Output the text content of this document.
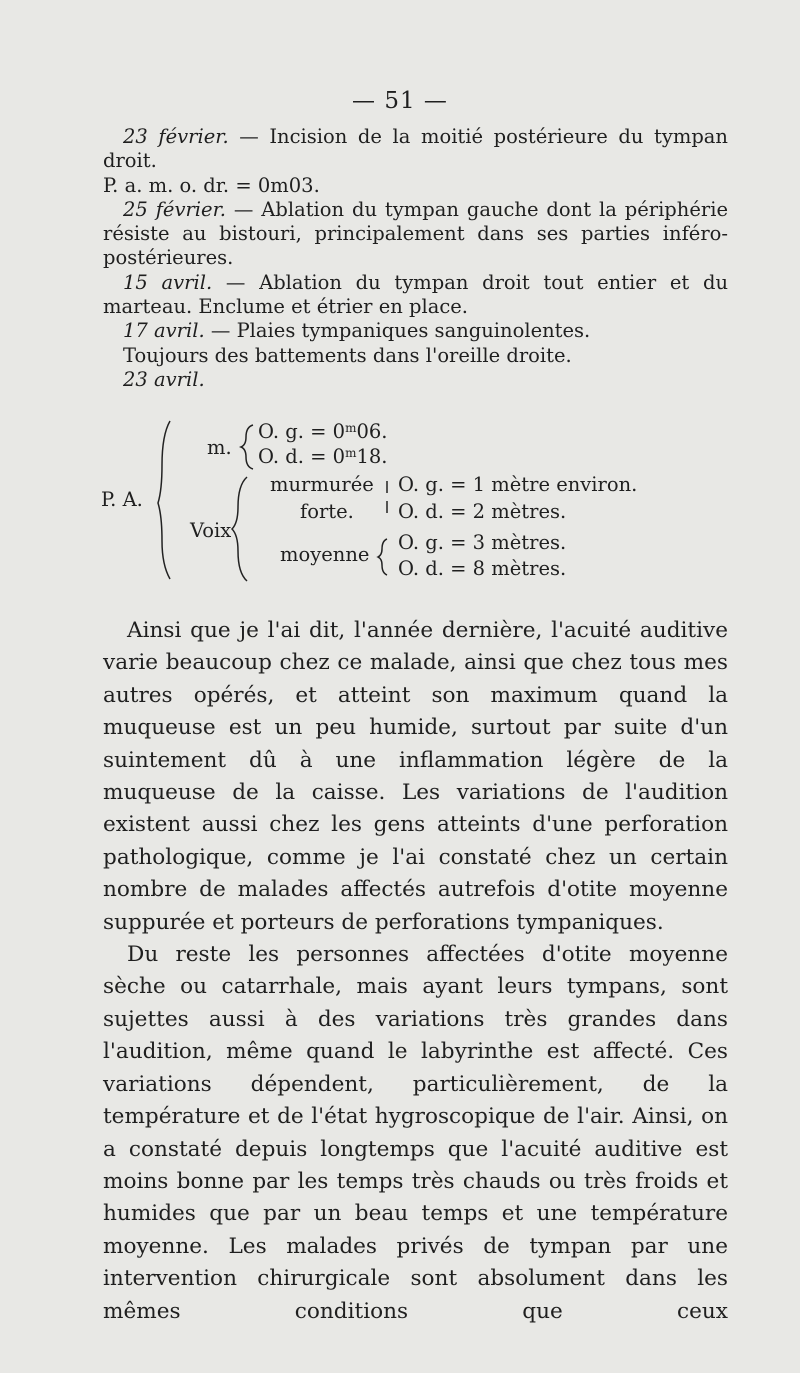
— 51 —

23 février. — Incision de la moitié postérieure du tympan droit.

P. a. m. o. dr. = 0m03.

25 février. — Ablation du tympan gauche dont la périphérie résiste au bistouri, principalement dans ses parties inféro-postérieures.

15 avril. — Ablation du tympan droit tout entier et du marteau. Enclume et étrier en place.

17 avril. — Plaies tympaniques sanguinolentes.

Toujours des battements dans l'oreille droite.

23 avril.

P. A.
m.
O. g. = $0^m06$.
O. d. = $0^m18$.
Voix
murmurée
forte.
O. g. = 1 mètre environ.
O. d. = 2 mètres.
moyenne
O. g. = 3 mètres.
O. d. = 8 mètres.

Ainsi que je l'ai dit, l'année dernière, l'acuité auditive varie beaucoup chez ce malade, ainsi que chez tous mes autres opérés, et atteint son maximum quand la muqueuse est un peu humide, surtout par suite d'un suintement dû à une inflammation légère de la muqueuse de la caisse. Les variations de l'audition existent aussi chez les gens atteints d'une perforation pathologique, comme je l'ai constaté chez un certain nombre de malades affectés autrefois d'otite moyenne suppurée et porteurs de perforations tympaniques.

Du reste les personnes affectées d'otite moyenne sèche ou catarrhale, mais ayant leurs tympans, sont sujettes aussi à des variations très grandes dans l'audition, même quand le labyrinthe est affecté. Ces variations dépendent, particulièrement, de la température et de l'état hygroscopique de l'air. Ainsi, on a constaté depuis longtemps que l'acuité auditive est moins bonne par les temps très chauds ou très froids et humides que par un beau temps et une température moyenne. Les malades privés de tympan par une intervention chirurgicale sont absolument dans les mêmes conditions que ceux
